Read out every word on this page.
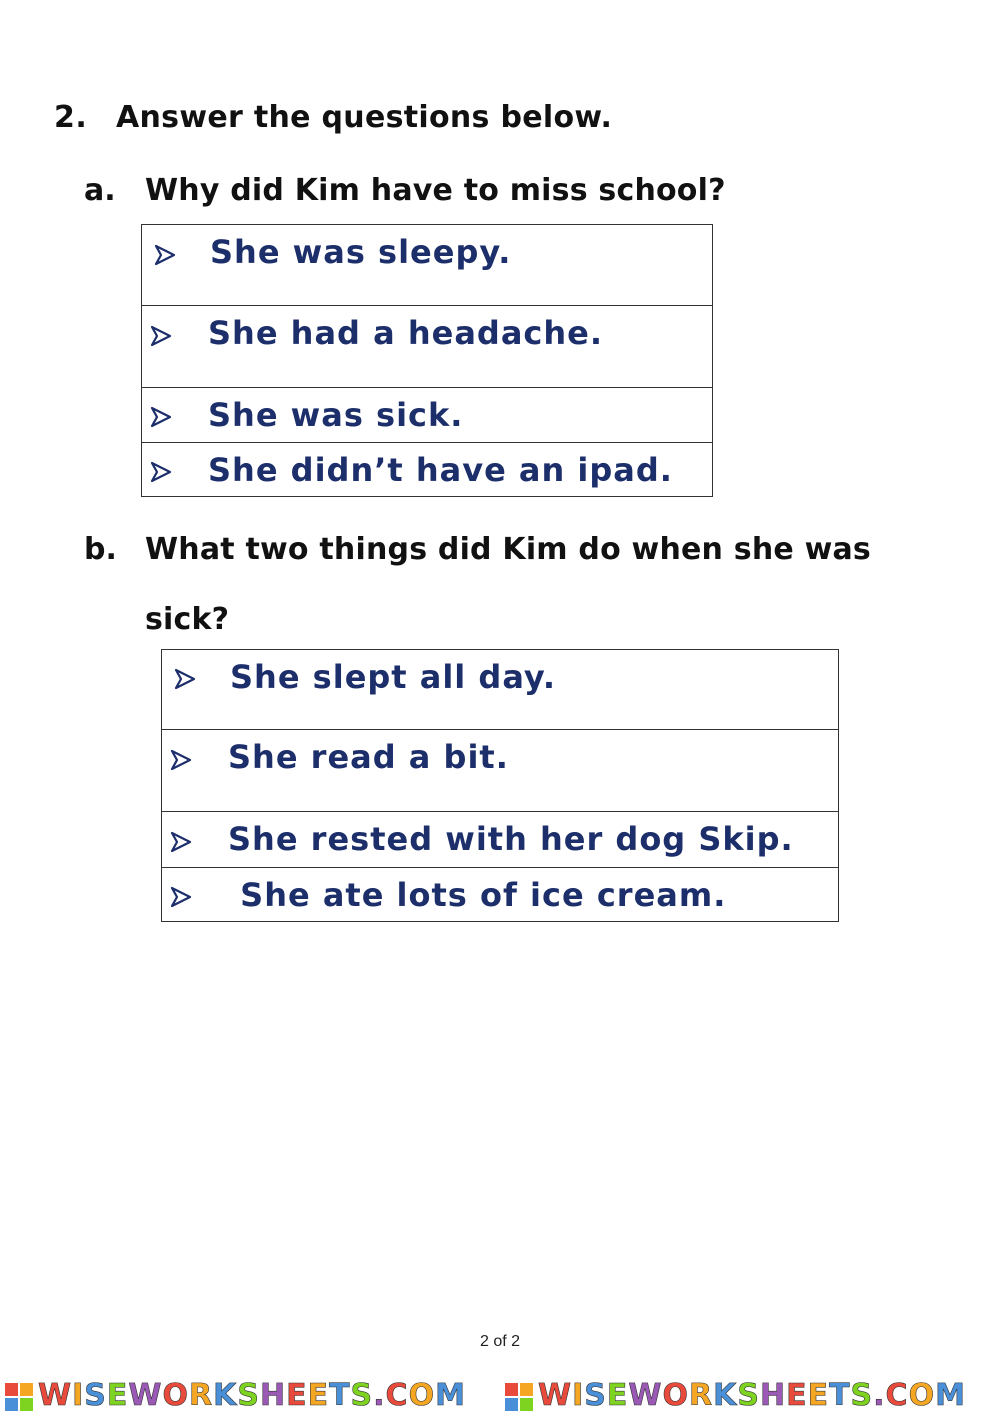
2. Answer the questions below.
a. Why did Kim have to miss school?
She was sleepy.
She had a headache.
She was sick.
She didn’t have an ipad.
b. What two things did Kim do when she was
sick?
She slept all day.
She read a bit.
She rested with her dog Skip.
She ate lots of ice cream.
2 of 2
WISEWORKSHEETS.COM	WISEWORKSHEETS.COM
